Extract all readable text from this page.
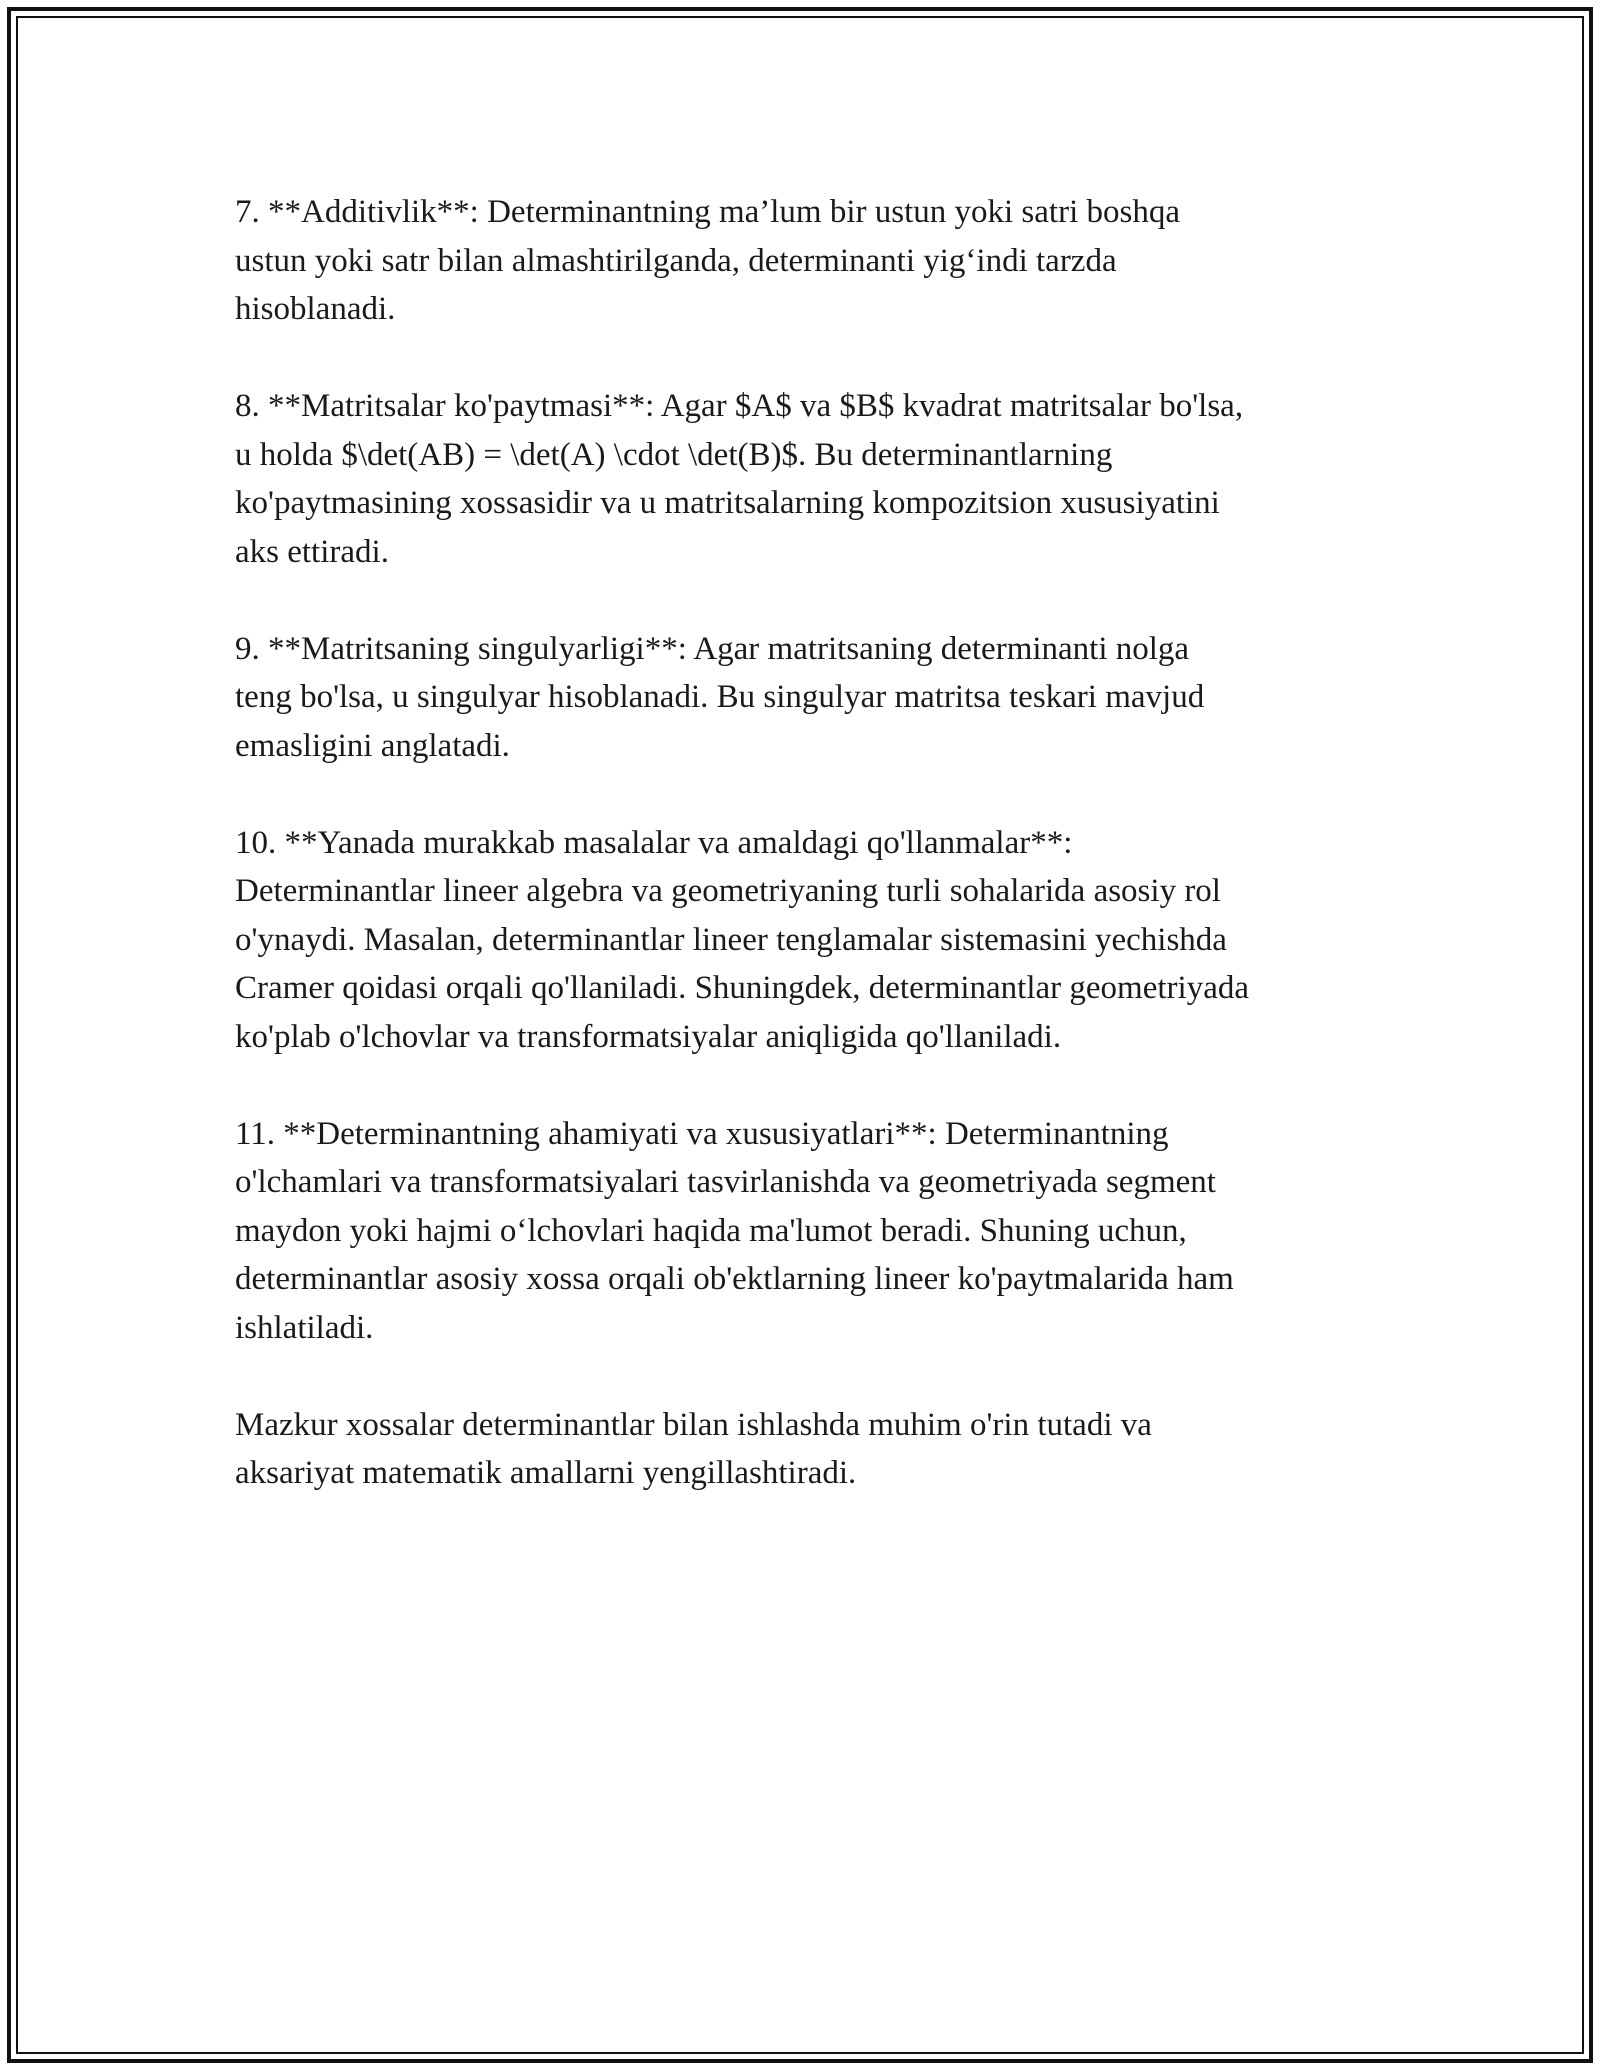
7. **Additivlik**: Determinantning ma’lum bir ustun yoki satri boshqa
ustun yoki satr bilan almashtirilganda, determinanti yig‘indi tarzda
hisoblanadi.

8. **Matritsalar ko'paytmasi**: Agar $A$ va $B$ kvadrat matritsalar bo'lsa,
u holda $\det(AB) = \det(A) \cdot \det(B)$. Bu determinantlarning
ko'paytmasining xossasidir va u matritsalarning kompozitsion xususiyatini
aks ettiradi.

9. **Matritsaning singulyarligi**: Agar matritsaning determinanti nolga
teng bo'lsa, u singulyar hisoblanadi. Bu singulyar matritsa teskari mavjud
emasligini anglatadi.

10. **Yanada murakkab masalalar va amaldagi qo'llanmalar**:
Determinantlar lineer algebra va geometriyaning turli sohalarida asosiy rol
o'ynaydi. Masalan, determinantlar lineer tenglamalar sistemasini yechishda
Cramer qoidasi orqali qo'llaniladi. Shuningdek, determinantlar geometriyada
ko'plab o'lchovlar va transformatsiyalar aniqligida qo'llaniladi.

11. **Determinantning ahamiyati va xususiyatlari**: Determinantning
o'lchamlari va transformatsiyalari tasvirlanishda va geometriyada segment
maydon yoki hajmi o‘lchovlari haqida ma'lumot beradi. Shuning uchun,
determinantlar asosiy xossa orqali ob'ektlarning lineer ko'paytmalarida ham
ishlatiladi.

Mazkur xossalar determinantlar bilan ishlashda muhim o'rin tutadi va
aksariyat matematik amallarni yengillashtiradi.
